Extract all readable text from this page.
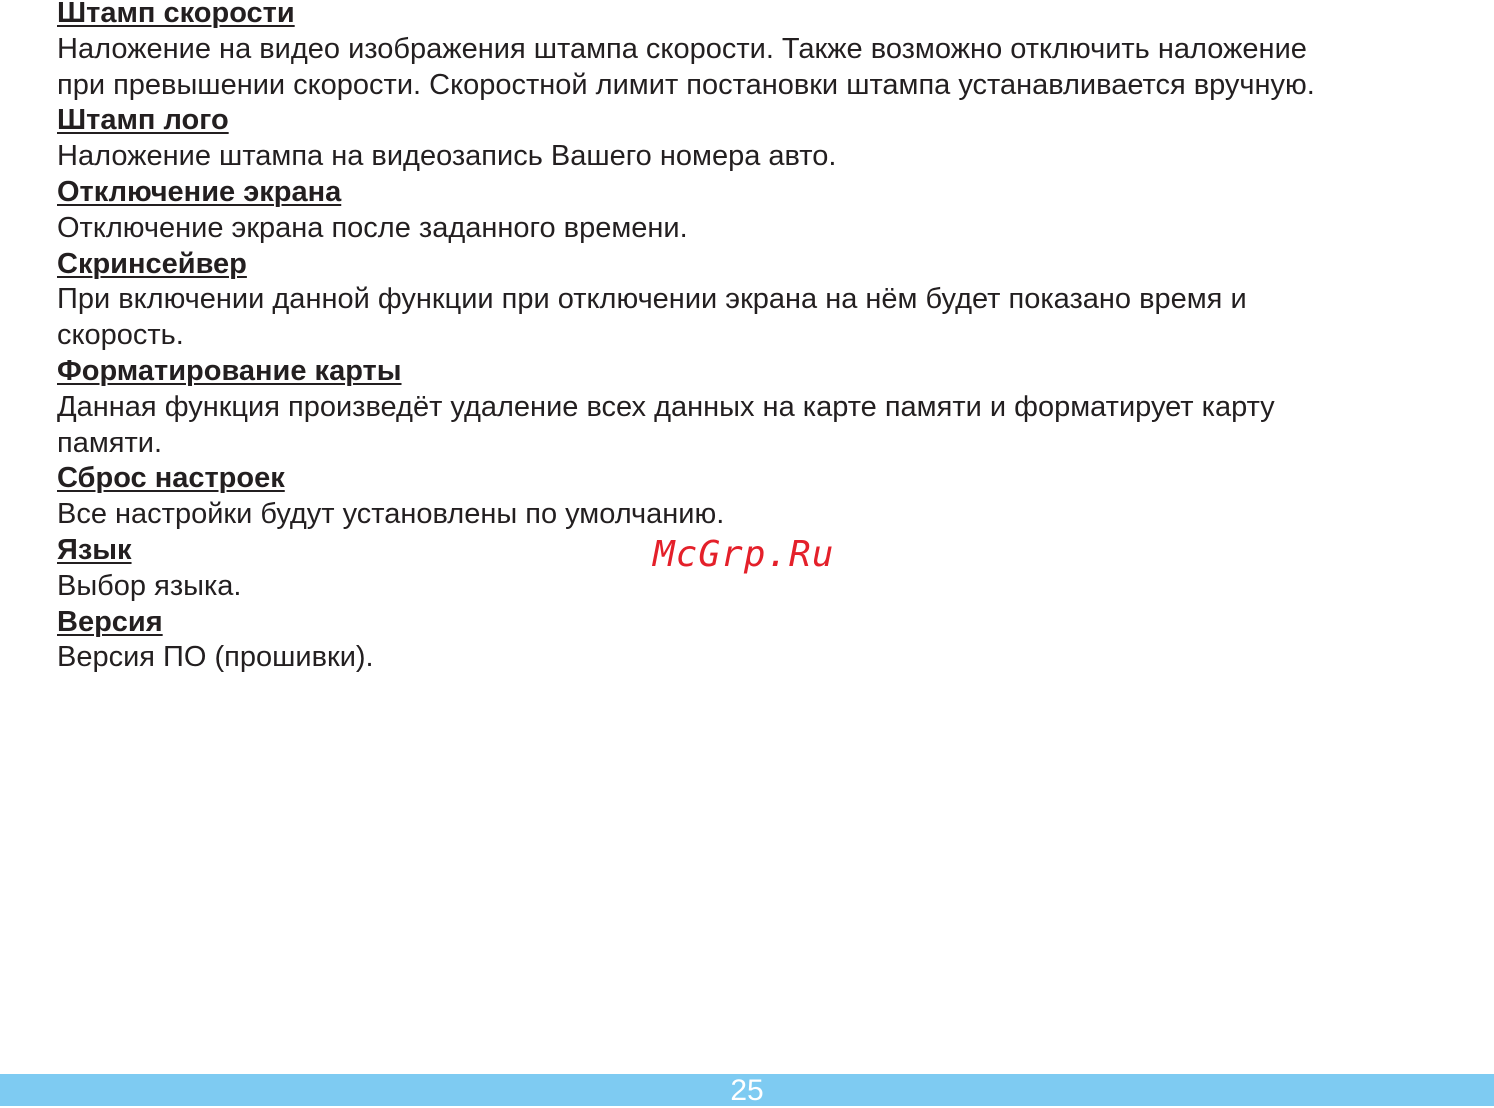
Штамп скорости

Наложение на видео изображения штампа скорости. Также возможно отключить наложение

при превышении скорости. Скоростной лимит постановки штампа устанавливается вручную.

Штамп лого

Наложение штампа на видеозапись Вашего номера авто.

Отключение экрана

Отключение экрана после заданного времени.

Скринсейвер

При включении данной функции при отключении экрана на нём будет показано время и

скорость.

Форматирование карты

Данная функция произведёт удаление всех данных на карте памяти и форматирует карту

памяти.

Сброс настроек

Все настройки будут установлены по умолчанию.

Язык

Выбор языка.

Версия

Версия ПО (прошивки).

McGrp.Ru
25
